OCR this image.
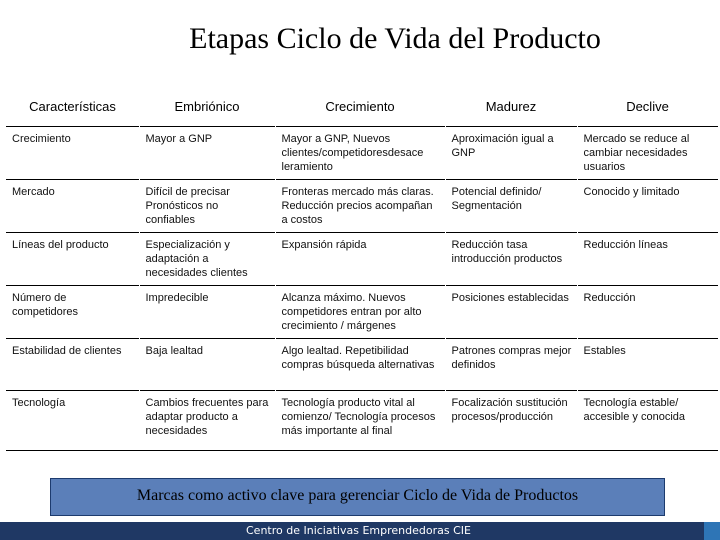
Etapas Ciclo de Vida del Producto
Características	Embriónico	Crecimiento	Madurez	Declive
Crecimiento	Mayor a GNP	Mayor a GNP, Nuevos clientes/competidoresdesace leramiento	Aproximación igual a GNP	Mercado se reduce al cambiar necesidades usuarios
Mercado	Difícil de precisar Pronósticos no confiables	Fronteras mercado más claras. Reducción precios acompañan a costos	Potencial definido/ Segmentación	Conocido y limitado
Líneas del producto	Especialización y adaptación a necesidades clientes	Expansión rápida	Reducción tasa introducción productos	Reducción líneas
Número de competidores	Impredecible	Alcanza máximo. Nuevos competidores entran por alto crecimiento / márgenes	Posiciones establecidas	Reducción
Estabilidad de clientes	Baja lealtad	Algo lealtad. Repetibilidad compras búsqueda alternativas	Patrones compras mejor definidos	Estables
Tecnología	Cambios frecuentes para adaptar producto a necesidades	Tecnología producto vital al comienzo/ Tecnología procesos más importante al final	Focalización sustitución procesos/producción	Tecnología estable/ accesible y conocida
Marcas como activo clave para gerenciar Ciclo de Vida de Productos
Centro de Iniciativas Emprendedoras CIE
